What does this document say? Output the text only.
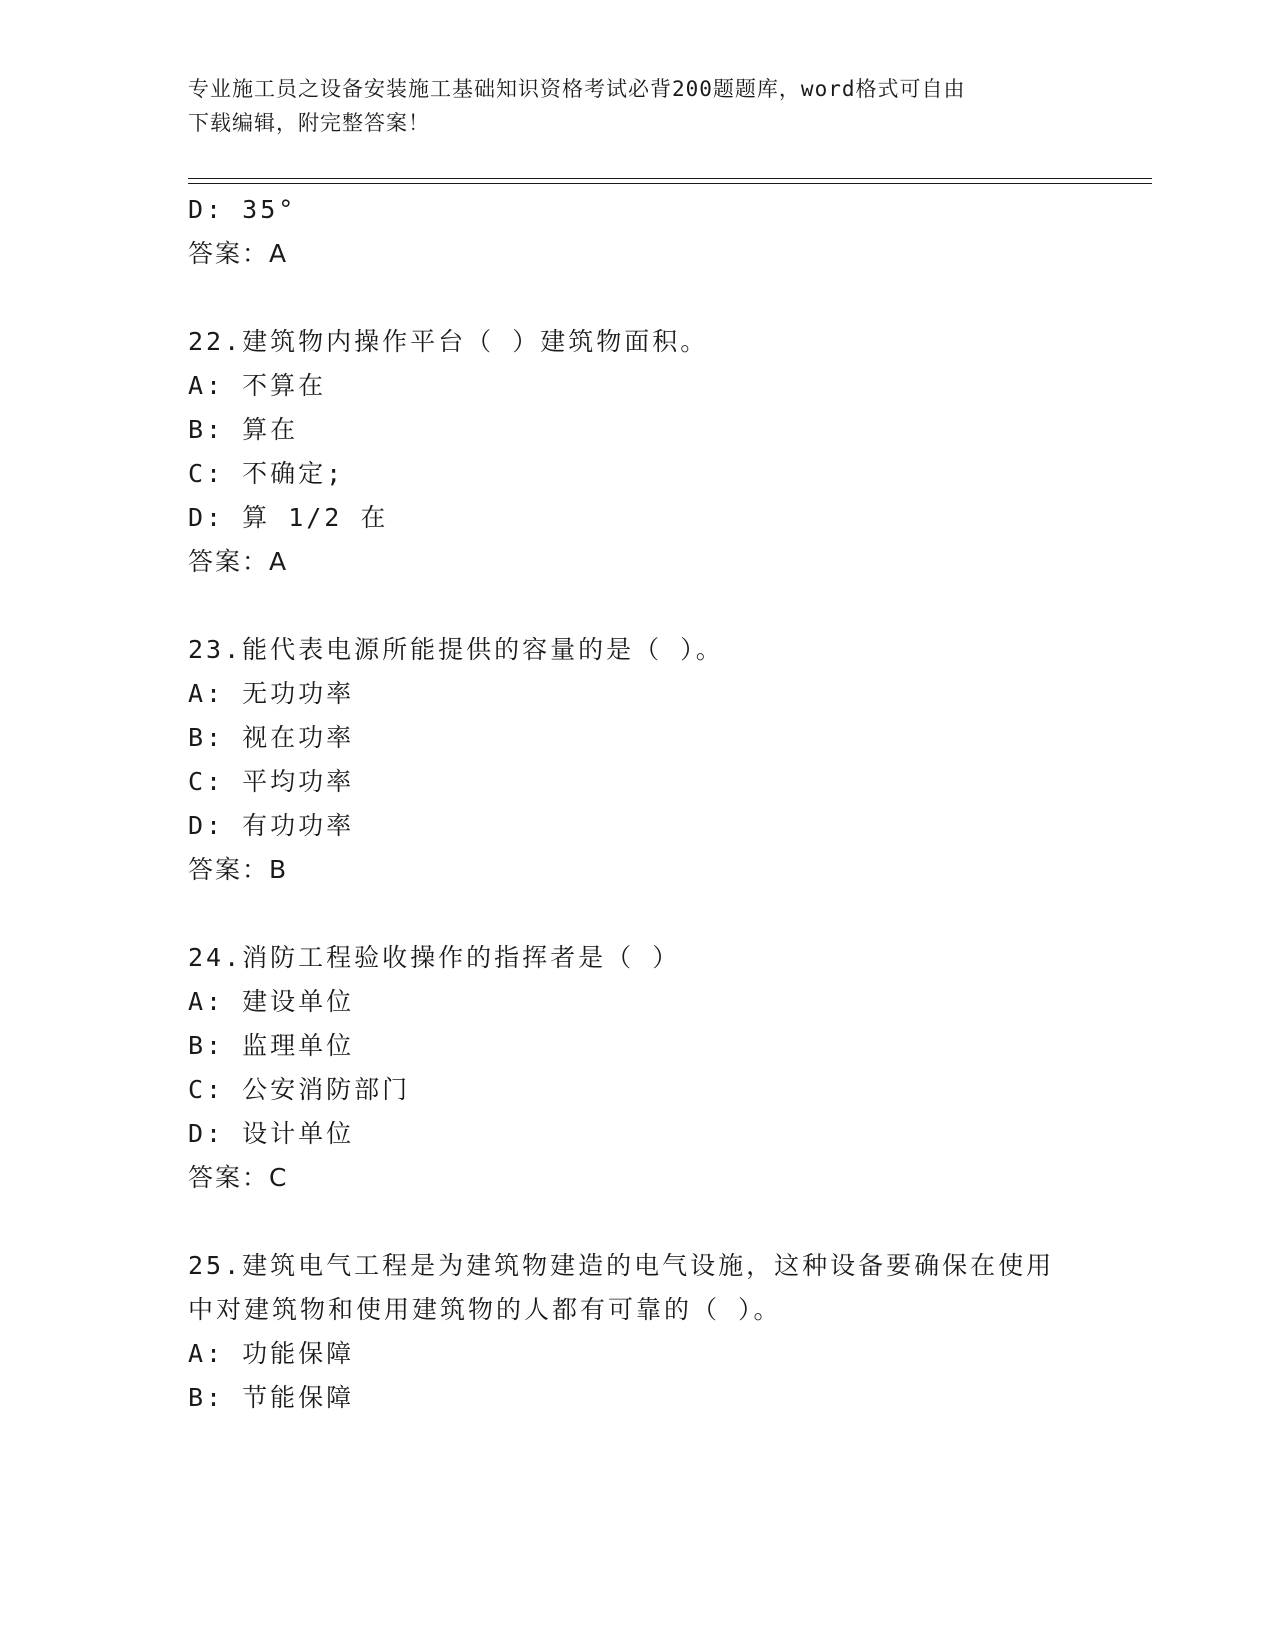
专业施工员之设备安装施工基础知识资格考试必背200题题库，word格式可自由
下载编辑，附完整答案！
D: 35°
答案：A
22.建筑物内操作平台（ ）建筑物面积。
A: 不算在
B: 算在
C: 不确定;
D: 算 1/2 在
答案：A
23.能代表电源所能提供的容量的是（ ）。
A: 无功功率
B: 视在功率
C: 平均功率
D: 有功功率
答案：B
24.消防工程验收操作的指挥者是（ ）
A: 建设单位
B: 监理单位
C: 公安消防部门
D: 设计单位
答案：C
25.建筑电气工程是为建筑物建造的电气设施，这种设备要确保在使用
中对建筑物和使用建筑物的人都有可靠的（ ）。
A: 功能保障
B: 节能保障
